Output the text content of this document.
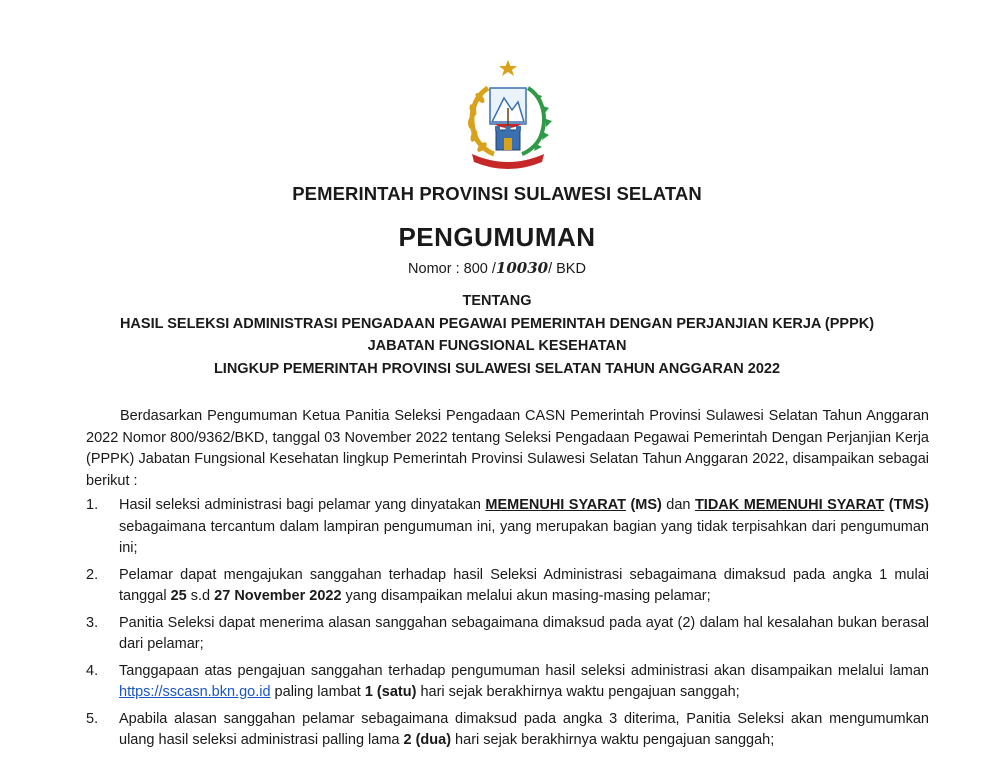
PEMERINTAH PROVINSI SULAWESI SELATAN
PENGUMUMAN
Nomor : 800 /10030/ BKD
TENTANG
HASIL SELEKSI ADMINISTRASI PENGADAAN PEGAWAI PEMERINTAH DENGAN PERJANJIAN KERJA (PPPK)
JABATAN FUNGSIONAL KESEHATAN
LINGKUP PEMERINTAH PROVINSI SULAWESI SELATAN TAHUN ANGGARAN 2022

Berdasarkan Pengumuman Ketua Panitia Seleksi Pengadaan CASN Pemerintah Provinsi Sulawesi Selatan Tahun Anggaran 2022 Nomor 800/9362/BKD, tanggal 03 November 2022 tentang Seleksi Pengadaan Pegawai Pemerintah Dengan Perjanjian Kerja (PPPK) Jabatan Fungsional Kesehatan lingkup Pemerintah Provinsi Sulawesi Selatan Tahun Anggaran 2022, disampaikan sebagai berikut :

1. Hasil seleksi administrasi bagi pelamar yang dinyatakan MEMENUHI SYARAT (MS) dan TIDAK MEMENUHI SYARAT (TMS) sebagaimana tercantum dalam lampiran pengumuman ini, yang merupakan bagian yang tidak terpisahkan dari pengumuman ini;
2. Pelamar dapat mengajukan sanggahan terhadap hasil Seleksi Administrasi sebagaimana dimaksud pada angka 1 mulai tanggal 25 s.d 27 November 2022 yang disampaikan melalui akun masing-masing pelamar;
3. Panitia Seleksi dapat menerima alasan sanggahan sebagaimana dimaksud pada ayat (2) dalam hal kesalahan bukan berasal dari pelamar;
4. Tanggapaan atas pengajuan sanggahan terhadap pengumuman hasil seleksi administrasi akan disampaikan melalui laman https://sscasn.bkn.go.id paling lambat 1 (satu) hari sejak berakhirnya waktu pengajuan sanggah;
5. Apabila alasan sanggahan pelamar sebagaimana dimaksud pada angka 3 diterima, Panitia Seleksi akan mengumumkan ulang hasil seleksi administrasi palling lama 2 (dua) hari sejak berakhirnya waktu pengajuan sanggah;
